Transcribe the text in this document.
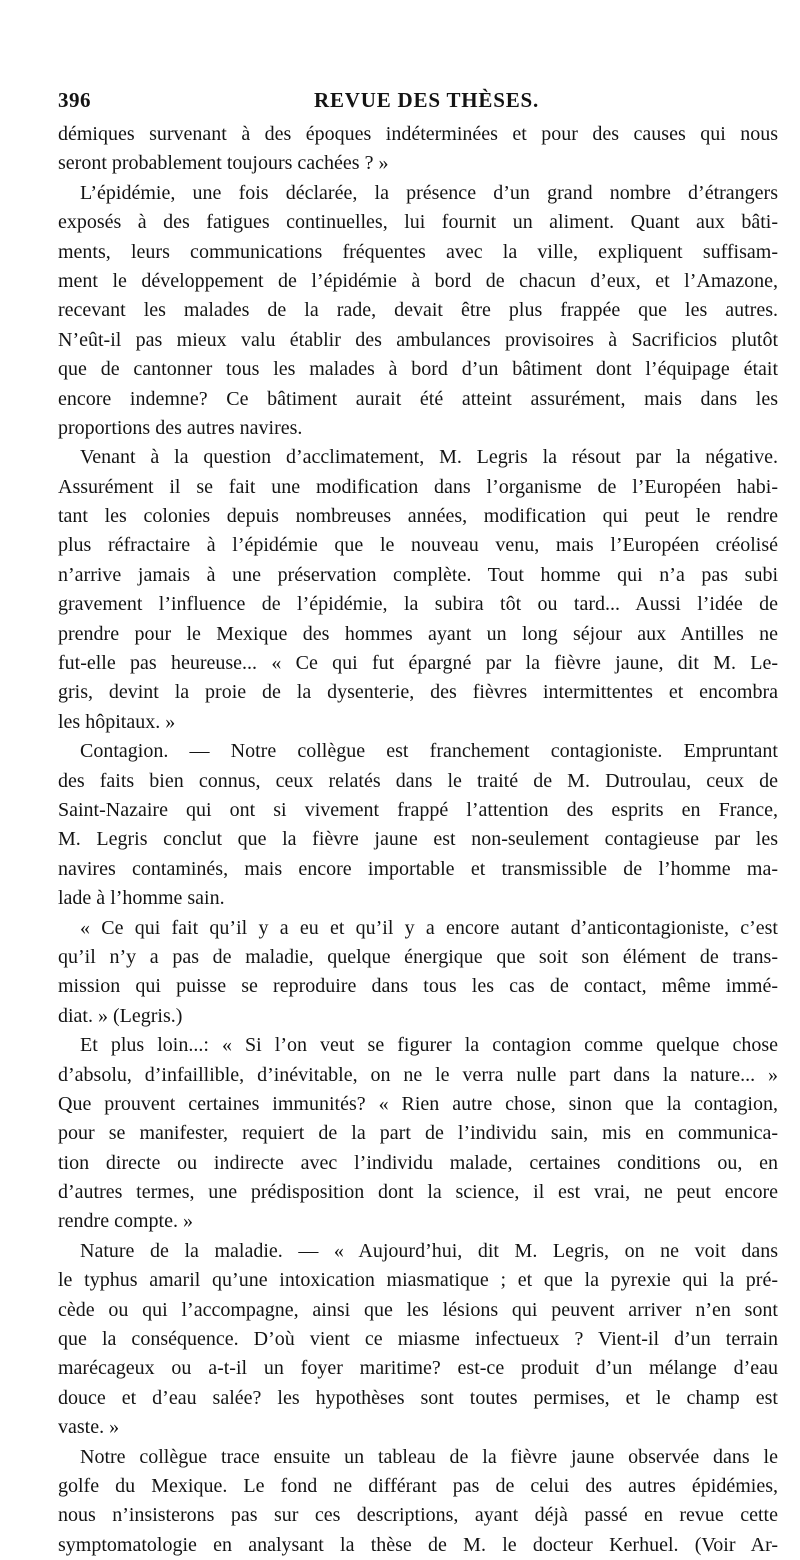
396	REVUE DES THÈSES.
démiques survenant à des époques indéterminées et pour des causes qui nous
seront probablement toujours cachées ? »
L’épidémie, une fois déclarée, la présence d’un grand nombre d’étrangers
exposés à des fatigues continuelles, lui fournit un aliment. Quant aux bâti-
ments, leurs communications fréquentes avec la ville, expliquent suffisam-
ment le développement de l’épidémie à bord de chacun d’eux, et l’Amazone,
recevant les malades de la rade, devait être plus frappée que les autres.
N’eût-il pas mieux valu établir des ambulances provisoires à Sacrificios plutôt
que de cantonner tous les malades à bord d’un bâtiment dont l’équipage était
encore indemne? Ce bâtiment aurait été atteint assurément, mais dans les
proportions des autres navires.
Venant à la question d’acclimatement, M. Legris la résout par la négative.
Assurément il se fait une modification dans l’organisme de l’Européen habi-
tant les colonies depuis nombreuses années, modification qui peut le rendre
plus réfractaire à l’épidémie que le nouveau venu, mais l’Européen créolisé
n’arrive jamais à une préservation complète. Tout homme qui n’a pas subi
gravement l’influence de l’épidémie, la subira tôt ou tard... Aussi l’idée de
prendre pour le Mexique des hommes ayant un long séjour aux Antilles ne
fut-elle pas heureuse... « Ce qui fut épargné par la fièvre jaune, dit M. Le-
gris, devint la proie de la dysenterie, des fièvres intermittentes et encombra
les hôpitaux. »
Contagion. — Notre collègue est franchement contagioniste. Empruntant
des faits bien connus, ceux relatés dans le traité de M. Dutroulau, ceux de
Saint-Nazaire qui ont si vivement frappé l’attention des esprits en France,
M. Legris conclut que la fièvre jaune est non-seulement contagieuse par les
navires contaminés, mais encore importable et transmissible de l’homme ma-
lade à l’homme sain.
« Ce qui fait qu’il y a eu et qu’il y a encore autant d’anticontagioniste, c’est
qu’il n’y a pas de maladie, quelque énergique que soit son élément de trans-
mission qui puisse se reproduire dans tous les cas de contact, même immé-
diat. » (Legris.)
Et plus loin...: « Si l’on veut se figurer la contagion comme quelque chose
d’absolu, d’infaillible, d’inévitable, on ne le verra nulle part dans la nature... »
Que prouvent certaines immunités? « Rien autre chose, sinon que la contagion,
pour se manifester, requiert de la part de l’individu sain, mis en communica-
tion directe ou indirecte avec l’individu malade, certaines conditions ou, en
d’autres termes, une prédisposition dont la science, il est vrai, ne peut encore
rendre compte. »
Nature de la maladie. — « Aujourd’hui, dit M. Legris, on ne voit dans
le typhus amaril qu’une intoxication miasmatique ; et que la pyrexie qui la pré-
cède ou qui l’accompagne, ainsi que les lésions qui peuvent arriver n’en sont
que la conséquence. D’où vient ce miasme infectueux ? Vient-il d’un terrain
marécageux ou a-t-il un foyer maritime? est-ce produit d’un mélange d’eau
douce et d’eau salée? les hypothèses sont toutes permises, et le champ est
vaste. »
Notre collègue trace ensuite un tableau de la fièvre jaune observée dans le
golfe du Mexique. Le fond ne différant pas de celui des autres épidémies,
nous n’insisterons pas sur ces descriptions, ayant déjà passé en revue cette
symptomatologie en analysant la thèse de M. le docteur Kerhuel. (Voir Ar-
